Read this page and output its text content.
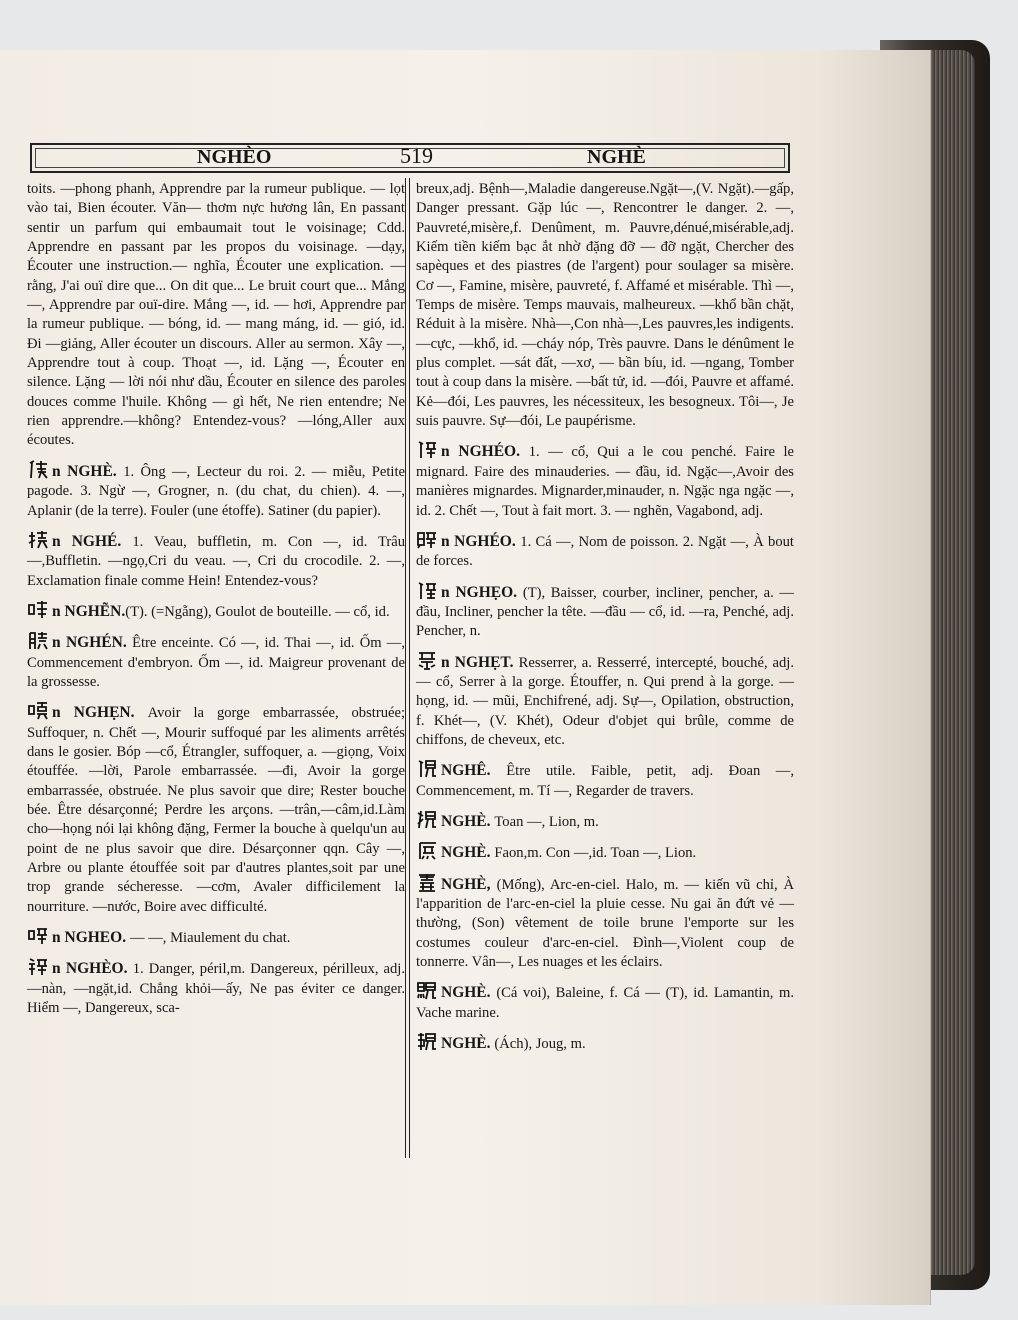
NGHÈO	519	NGHÈ

toits. —phong phanh, Apprendre par la rumeur publique. — lọt vào tai, Bien écouter. Văn— thơm nực hương lân, En passant sentir un parfum qui embaumait tout le voisinage; Cdd. Apprendre en passant par les propos du voisinage. —dạy, Écouter une instruction.— nghĩa, Écouter une explication. — rằng, J'ai ouï dire que... On dit que... Le bruit court que... Mắng—, Apprendre par ouï-dire. Mắng —, id. — hơi, Apprendre par la rumeur publique. — bóng, id. — mang máng, id. — gió, id. Đi —giảng, Aller écouter un discours. Aller au sermon. Xây —, Apprendre tout à coup. Thoạt —, id. Lặng —, Écouter en silence. Lặng — lời nói như dầu, Écouter en silence des paroles douces comme l'huile. Không — gì hết, Ne rien entendre; Ne rien apprendre.—không? Entendez-vous? —lóng,Aller aux écoutes.

n NGHÈ. 1. Ông —, Lecteur du roi. 2. — miễu, Petite pagode. 3. Ngừ —, Grogner, n. (du chat, du chien). 4. —, Aplanir (de la terre). Fouler (une étoffe). Satiner (du papier).

n NGHÉ. 1. Veau, buffletin, m. Con —, id. Trâu—,Buffletin. —ngọ,Cri du veau. —, Cri du crocodile. 2. —, Exclamation finale comme Hein! Entendez-vous?

n NGHẼN.(T). (=Ngẵng), Goulot de bouteille. — cổ, id.

n NGHÉN. Être enceinte. Có —, id. Thai —, id. Ốm —, Commencement d'embryon. Ốm —, id. Maigreur provenant de la grossesse.

n NGHẸN. Avoir la gorge embarrassée, obstruée; Suffoquer, n. Chết —, Mourir suffoqué par les aliments arrêtés dans le gosier. Bóp —cổ, Étrangler, suffoquer, a. —giọng, Voix étouffée. —lời, Parole embarrassée. —đi, Avoir la gorge embarrassée, obstruée. Ne plus savoir que dire; Rester bouche bée. Être désarçonné; Perdre les arçons. —trân,—câm,id.Làm cho—họng nói lại không đặng, Fermer la bouche à quelqu'un au point de ne plus savoir que dire. Désarçonner qqn. Cây —, Arbre ou plante étouffée soit par d'autres plantes,soit par une trop grande sécheresse. —cơm, Avaler difficilement la nourriture. —nước, Boire avec difficulté.

n NGHEO. — —, Miaulement du chat.

n NGHÈO. 1. Danger, péril,m. Dangereux, périlleux, adj. —nàn, —ngặt,id. Chẳng khỏi—ấy, Ne pas éviter ce danger. Hiểm —, Dangereux, sca-

breux,adj. Bệnh—,Maladie dangereuse.Ngặt—,(V. Ngặt).—gấp, Danger pressant. Gặp lúc —, Rencontrer le danger. 2. —, Pauvreté,misère,f. Denûment, m. Pauvre,dénué,misérable,adj. Kiếm tiền kiếm bạc ắt nhờ đặng đỡ — đỡ ngặt, Chercher des sapèques et des piastres (de l'argent) pour soulager sa misère. Cơ —, Famine, misère, pauvreté, f. Affamé et misérable. Thì —, Temps de misère. Temps mauvais, malheureux. —khổ bần chặt, Réduit à la misère. Nhà—,Con nhà—,Les pauvres,les indigents.—cực, —khổ, id. —cháy nóp, Très pauvre. Dans le dénûment le plus complet. —sát đất, —xơ, — bần bíu, id. —ngang, Tomber tout à coup dans la misère. —bất tử, id. —đói, Pauvre et affamé. Kẻ—đói, Les pauvres, les nécessiteux, les besogneux. Tôi—, Je suis pauvre. Sự—đói, Le paupérisme.

n NGHÉO. 1. — cổ, Qui a le cou penché. Faire le mignard. Faire des minauderies. — đầu, id. Ngặc—,Avoir des manières mignardes. Mignarder,minauder, n. Ngặc nga ngặc —, id. 2. Chết —, Tout à fait mort. 3. — nghẽn, Vagabond, adj.

n NGHÉO. 1. Cá —, Nom de poisson. 2. Ngặt —, À bout de forces.

n NGHẸO. (T), Baisser, courber, incliner, pencher, a. —đầu, Incliner, pencher la tête. —đầu — cổ, id. —ra, Penché, adj. Pencher, n.

n NGHẸT. Resserrer, a. Resserré, intercepté, bouché, adj. — cổ, Serrer à la gorge. Étouffer, n. Qui prend à la gorge. — họng, id. — mũi, Enchifrené, adj. Sự—, Opilation, obstruction, f. Khét—, (V. Khét), Odeur d'objet qui brûle, comme de chiffons, de cheveux, etc.

NGHÊ. Être utile. Faible, petit, adj. Đoan —, Commencement, m. Tí —, Regarder de travers.

NGHÈ. Toan —, Lion, m.

NGHÈ. Faon,m. Con —,id. Toan —, Lion.

NGHÈ, (Mống), Arc-en-ciel. Halo, m. — kiến vũ chỉ, À l'apparition de l'arc-en-ciel la pluie cesse. Nu gai ăn đứt vẻ — thường, (Son) vêtement de toile brune l'emporte sur les costumes couleur d'arc-en-ciel. Đình—,Violent coup de tonnerre. Vân—, Les nuages et les éclairs.

NGHÈ. (Cá voi), Baleine, f. Cá — (T), id. Lamantin, m. Vache marine.

NGHÈ. (Ách), Joug, m.
